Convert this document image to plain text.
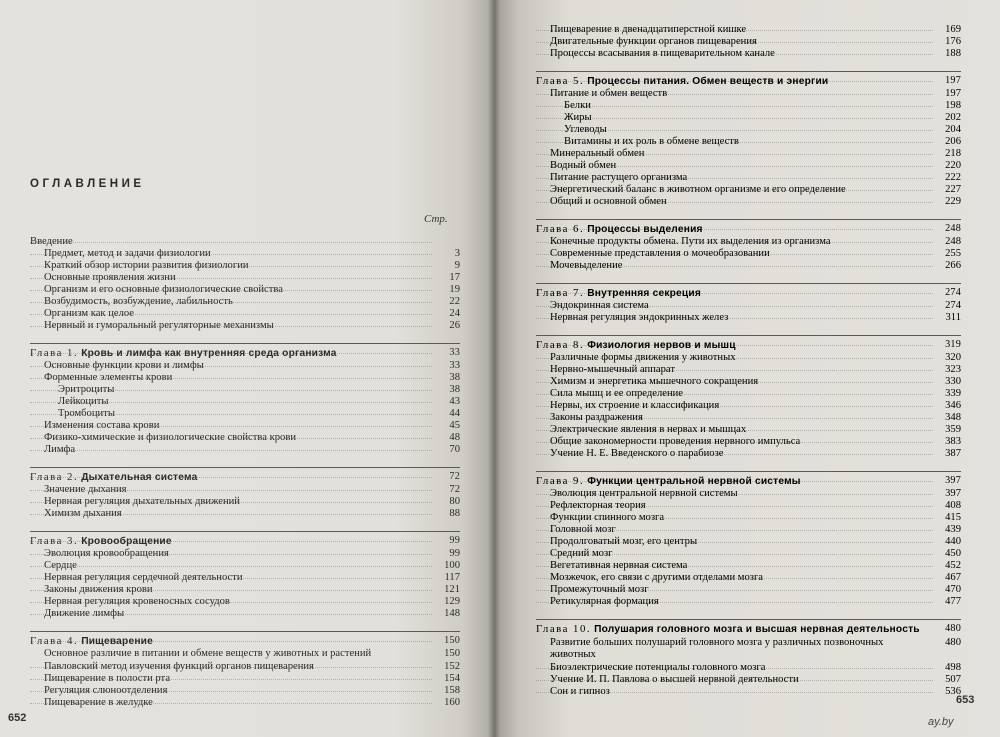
ОГЛАВЛЕНИЕ
Стр.
Введение
Предмет, метод и задачи физиологии	3
Краткий обзор истории развития физиологии	9
Основные проявления жизни	17
Организм и его основные физиологические свойства	19
Возбудимость, возбуждение, лабильность	22
Организм как целое	24
Нервный и гуморальный регуляторные механизмы	26
Глава 1. Кровь и лимфа как внутренняя среда организма	33
Основные функции крови и лимфы	33
Форменные элементы крови	38
Эритроциты	38
Лейкоциты	43
Тромбоциты	44
Изменения состава крови	45
Физико-химические и физиологические свойства крови	48
Лимфа	70
Глава 2. Дыхательная система	72
Значение дыхания	72
Нервная регуляция дыхательных движений	80
Химизм дыхания	88
Глава 3. Кровообращение	99
Эволюция кровообращения	99
Сердце	100
Нервная регуляция сердечной деятельности	117
Законы движения крови	121
Нервная регуляция кровеносных сосудов	129
Движение лимфы	148
Глава 4. Пищеварение	150
Основное различие в питании и обмене веществ у животных и растений	150
Павловский метод изучения функций органов пищеварения	152
Пищеварение в полости рта	154
Регуляция слюноотделения	158
Пищеварение в желудке	160
652
Пищеварение в двенадцатиперстной кишке	169
Двигательные функции органов пищеварения	176
Процессы всасывания в пищеварительном канале	188
Глава 5. Процессы питания. Обмен веществ и энергии	197
Питание и обмен веществ	197
Белки	198
Жиры	202
Углеводы	204
Витамины и их роль в обмене веществ	206
Минеральный обмен	218
Водный обмен	220
Питание растущего организма	222
Энергетический баланс в животном организме и его определение	227
Общий и основной обмен	229
Глава 6. Процессы выделения	248
Конечные продукты обмена. Пути их выделения из организма	248
Современные представления о мочеобразовании	255
Мочевыделение	266
Глава 7. Внутренняя секреция	274
Эндокринная система	274
Нервная регуляция эндокринных желез	311
Глава 8. Физиология нервов и мышц	319
Различные формы движения у животных	320
Нервно-мышечный аппарат	323
Химизм и энергетика мышечного сокращения	330
Сила мышц и ее определение	339
Нервы, их строение и классификация	346
Законы раздражения	348
Электрические явления в нервах и мышцах	359
Общие закономерности проведения нервного импульса	383
Учение Н. Е. Введенского о парабиозе	387
Глава 9. Функции центральной нервной системы	397
Эволюция центральной нервной системы	397
Рефлекторная теория	408
Функции спинного мозга	415
Головной мозг	439
Продолговатый мозг, его центры	440
Средний мозг	450
Вегетативная нервная система	452
Мозжечок, его связи с другими отделами мозга	467
Промежуточный мозг	470
Ретикулярная формация	477
Глава 10. Полушария головного мозга и высшая нервная деятельность 480
Развитие больших полушарий головного мозга у различных позвоночных животных
480
Биоэлектрические потенциалы головного мозга	498
Учение И. П. Павлова о высшей нервной деятельности	507
Сон и гипноз	536
653
ay.by
